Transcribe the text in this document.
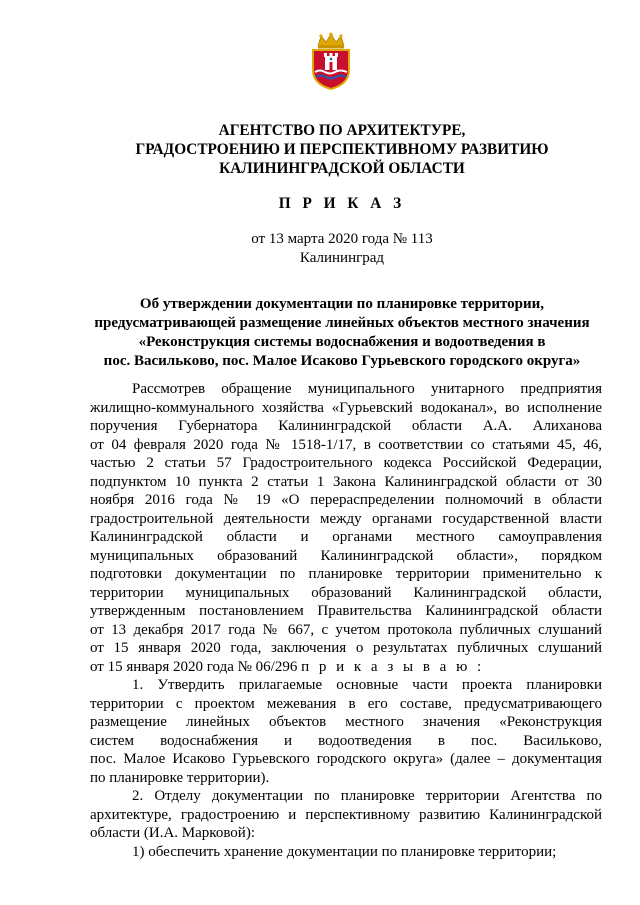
АГЕНТСТВО ПО АРХИТЕКТУРЕ,
ГРАДОСТРОЕНИЮ И ПЕРСПЕКТИВНОМУ РАЗВИТИЮ
КАЛИНИНГРАДСКОЙ ОБЛАСТИ
П Р И К А З
от 13 марта 2020 года № 113
Калининград
Об утверждении документации по планировке территории,
предусматривающей размещение линейных объектов местного значения
«Реконструкция системы водоснабжения и водоотведения в
пос. Василькoво, пос. Малое Исаково Гурьевского городского округа»
Рассмотрев обращение муниципального унитарного предприятия
жилищно-коммунального хозяйства «Гурьевский водоканал», во исполнение
поручения Губернатора Калининградской области А.А. Алиханова
от 04 февраля 2020 года № 1518-1/17, в соответствии со статьями 45, 46,
частью 2 статьи 57 Градостроительного кодекса Российской Федерации,
подпунктом 10 пункта 2 статьи 1 Закона Калининградской области от 30
ноября 2016 года № 19 «О перераспределении полномочий в области
градостроительной деятельности между органами государственной власти
Калининградской области и органами местного самоуправления
муниципальных образований Калининградской области», порядком
подготовки документации по планировке территории применительно к
территории муниципальных образований Калининградской области,
утвержденным постановлением Правительства Калининградской области
от 13 декабря 2017 года № 667, с учетом протокола публичных слушаний
от 15 января 2020 года, заключения о результатах публичных слушаний
от 15 января 2020 года № 06/296 п р и к а з ы в а ю :
1. Утвердить прилагаемые основные части проекта планировки
территории с проектом межевания в его составе, предусматривающего
размещение линейных объектов местного значения «Реконструкция
систем водоснабжения и водоотведения в пос. Василькoво,
пос. Малое Исаково Гурьевского городского округа» (далее – документация
по планировке территории).
2. Отделу документации по планировке территории Агентства по
архитектуре, градостроению и перспективному развитию Калининградской
области (И.А. Марковой):
1) обеспечить хранение документации по планировке территории;
